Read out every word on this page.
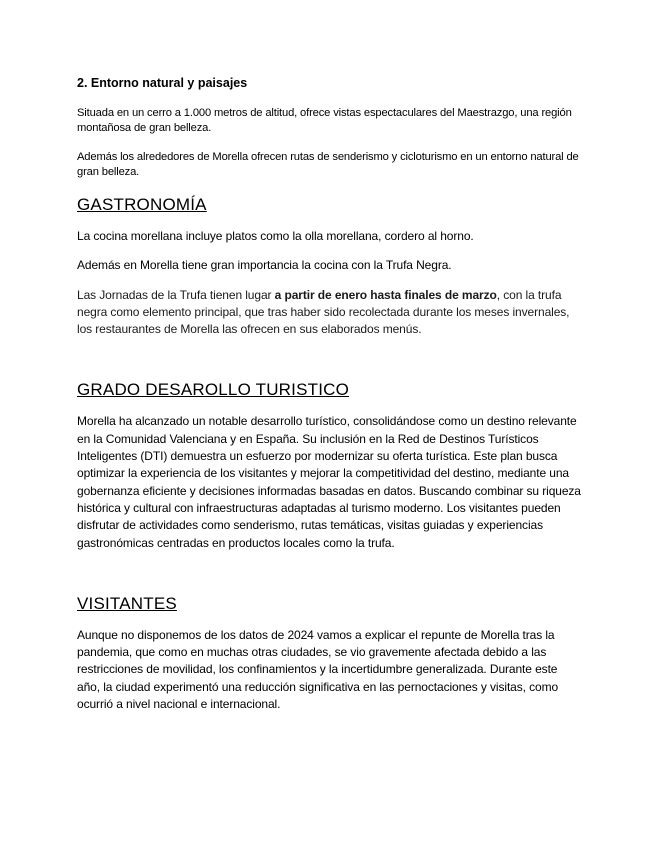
2. Entorno natural y paisajes

Situada en un cerro a 1.000 metros de altitud, ofrece vistas espectaculares del Maestrazgo, una región montañosa de gran belleza.

Además los alrededores de Morella ofrecen rutas de senderismo y cicloturismo en un entorno natural de gran belleza.

GASTRONOMÍA

La cocina morellana incluye platos como la olla morellana, cordero al horno.

Además en Morella tiene gran importancia la cocina con la Trufa Negra.

Las Jornadas de la Trufa tienen lugar a partir de enero hasta finales de marzo, con la trufa negra como elemento principal, que tras haber sido recolectada durante los meses invernales, los restaurantes de Morella las ofrecen en sus elaborados menús.

GRADO DESAROLLO TURISTICO

Morella ha alcanzado un notable desarrollo turístico, consolidándose como un destino relevante en la Comunidad Valenciana y en España. Su inclusión en la Red de Destinos Turísticos Inteligentes (DTI) demuestra un esfuerzo por modernizar su oferta turística. Este plan busca optimizar la experiencia de los visitantes y mejorar la competitividad del destino, mediante una gobernanza eficiente y decisiones informadas basadas en datos. Buscando combinar su riqueza histórica y cultural con infraestructuras adaptadas al turismo moderno. Los visitantes pueden disfrutar de actividades como senderismo, rutas temáticas, visitas guiadas y experiencias gastronómicas centradas en productos locales como la trufa.

VISITANTES

Aunque no disponemos de los datos de 2024 vamos a explicar el repunte de Morella tras la pandemia, que como en muchas otras ciudades, se vio gravemente afectada debido a las restricciones de movilidad, los confinamientos y la incertidumbre generalizada. Durante este año, la ciudad experimentó una reducción significativa en las pernoctaciones y visitas, como ocurrió a nivel nacional e internacional.
